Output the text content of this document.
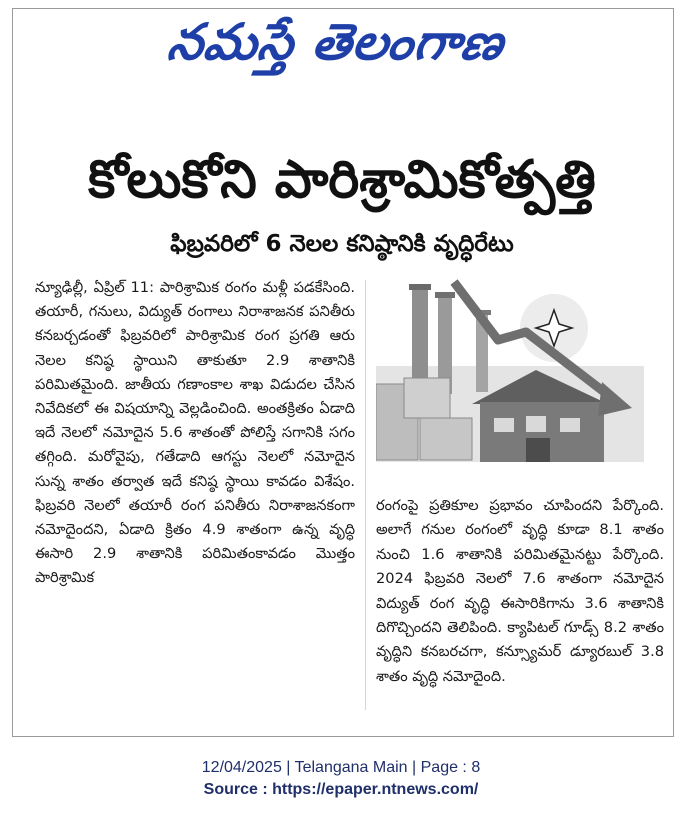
నమస్తే తెలంగాణ
కోలుకోని పారిశ్రామికోత్పత్తి
ఫిబ్రవరిలో 6 నెలల కనిష్ఠానికి వృద్ధిరేటు
న్యూఢిల్లీ, ఏప్రిల్ 11: పారిశ్రామిక రంగం మళ్లీ పడకేసింది. తయారీ, గనులు, విద్యుత్ రంగాలు నిరాశాజనక పనితీరు కనబర్చడంతో ఫిబ్రవరిలో పారిశ్రామిక రంగ ప్రగతి ఆరు నెలల కనిష్ఠ స్థాయిని తాకుతూ 2.9 శాతానికి పరిమితమైంది. జాతీయ గణాంకాల శాఖ విడుదల చేసిన నివేదికలో ఈ విషయాన్ని వెల్లడించింది. అంతక్రితం ఏడాది ఇదే నెలలో నమోదైన 5.6 శాతంతో పోలిస్తే సగానికి సగం తగ్గింది. మరోవైపు, గతేడాది ఆగస్టు నెలలో నమోదైన సున్న శాతం తర్వాత ఇదే కనిష్ఠ స్థాయి కావడం విశేషం. ఫిబ్రవరి నెలలో తయారీ రంగ పనితీరు నిరాశాజనకంగా నమోదైందని, ఏడాది క్రితం 4.9 శాతంగా ఉన్న వృద్ధి ఈసారి 2.9 శాతానికి పరిమితంకావడం మొత్తం పారిశ్రామిక
రంగంపై ప్రతికూల ప్రభావం చూపిందని పేర్కొంది. అలాగే గనుల రంగంలో వృద్ధి కూడా 8.1 శాతం నుంచి 1.6 శాతానికి పరిమితమైనట్టు పేర్కొంది. 2024 ఫిబ్రవరి నెలలో 7.6 శాతంగా నమోదైన విద్యుత్ రంగ వృద్ధి ఈసారికిగాను 3.6 శాతానికి దిగొచ్చిందని తెలిపింది. క్యాపిటల్ గూడ్స్ 8.2 శాతం వృద్ధిని కనబరచగా, కన్స్యూమర్ డ్యూరబుల్ 3.8 శాతం వృద్ధి నమోదైంది.
12/04/2025 | Telangana Main | Page : 8
Source : https://epaper.ntnews.com/
